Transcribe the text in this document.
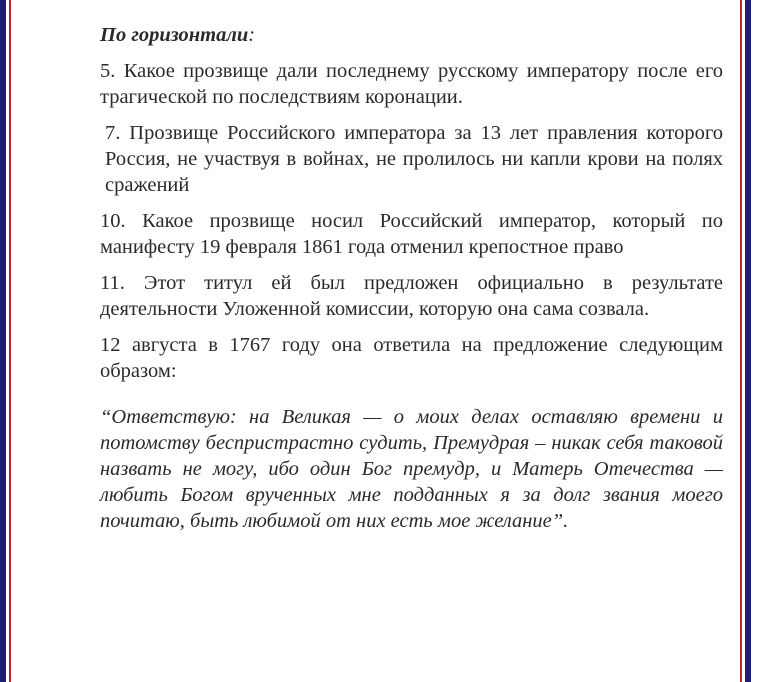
По горизонтали:

5. Какое прозвище дали последнему русскому императору после его трагической по последствиям коронации.

7. Прозвище Российского императора за 13 лет правления которого Россия, не участвуя в войнах, не пролилось ни капли крови на полях сражений

10. Какое прозвище носил Российский император, который по манифесту 19 февраля 1861 года отменил крепостное право

11. Этот титул ей был предложен официально в результате деятельности Уложенной комиссии, которую она сама созвала.

12 августа в 1767 году она ответила на предложение следующим образом:

“Ответствую: на Великая — о моих делах оставляю времени и потомству беспристрастно судить, Премудрая – никак себя таковой назвать не могу, ибо один Бог премудр, и Матерь Отечества — любить Богом врученных мне подданных я за долг звания моего почитаю, быть любимой от них есть мое желание”.
